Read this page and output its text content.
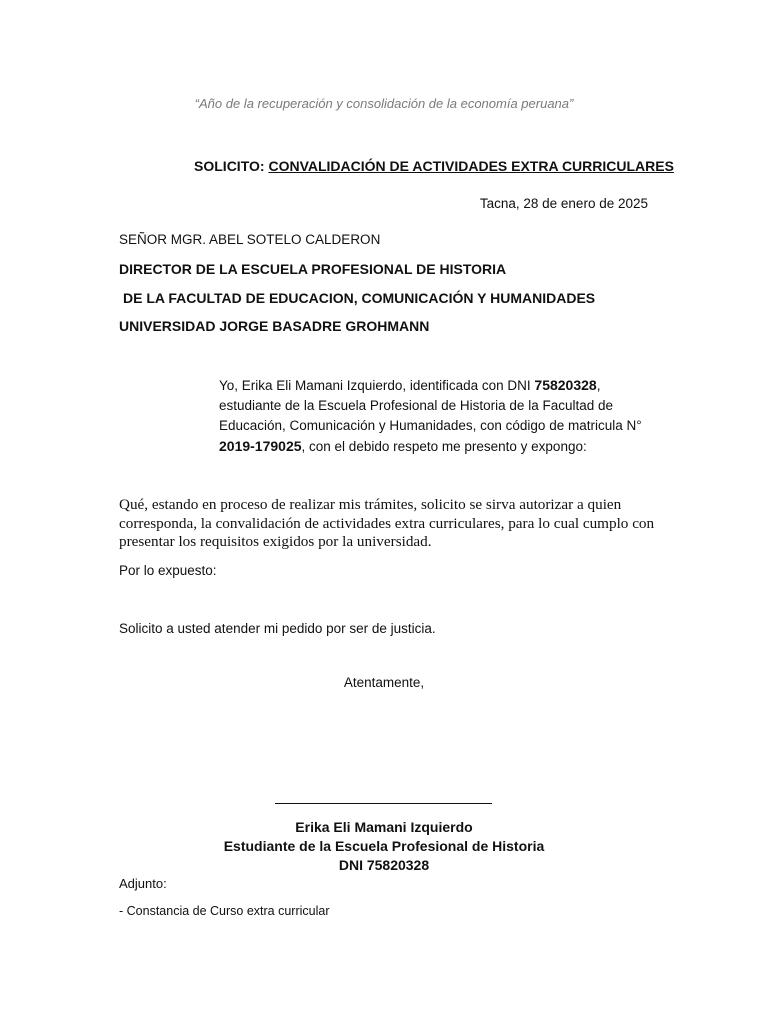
“Año de la recuperación y consolidación de la economía peruana”
SOLICITO: CONVALIDACIÓN DE ACTIVIDADES EXTRA CURRICULARES
Tacna, 28 de enero de 2025
SEÑOR MGR. ABEL SOTELO CALDERON
DIRECTOR DE LA ESCUELA PROFESIONAL DE HISTORIA
DE LA FACULTAD DE EDUCACION, COMUNICACIÓN Y HUMANIDADES
UNIVERSIDAD JORGE BASADRE GROHMANN
Yo, Erika Eli Mamani Izquierdo, identificada con DNI 75820328, estudiante de la Escuela Profesional de Historia de la Facultad de Educación, Comunicación y Humanidades, con código de matricula N° 2019-179025, con el debido respeto me presento y expongo:
Qué, estando en proceso de realizar mis trámites, solicito se sirva autorizar a quien corresponda, la convalidación de actividades extra curriculares, para lo cual cumplo con presentar los requisitos exigidos por la universidad.
Por lo expuesto:
Solicito a usted atender mi pedido por ser de justicia.
Atentamente,
Erika Eli Mamani Izquierdo
Estudiante de la Escuela Profesional de Historia
DNI 75820328
Adjunto:
- Constancia de Curso extra curricular
